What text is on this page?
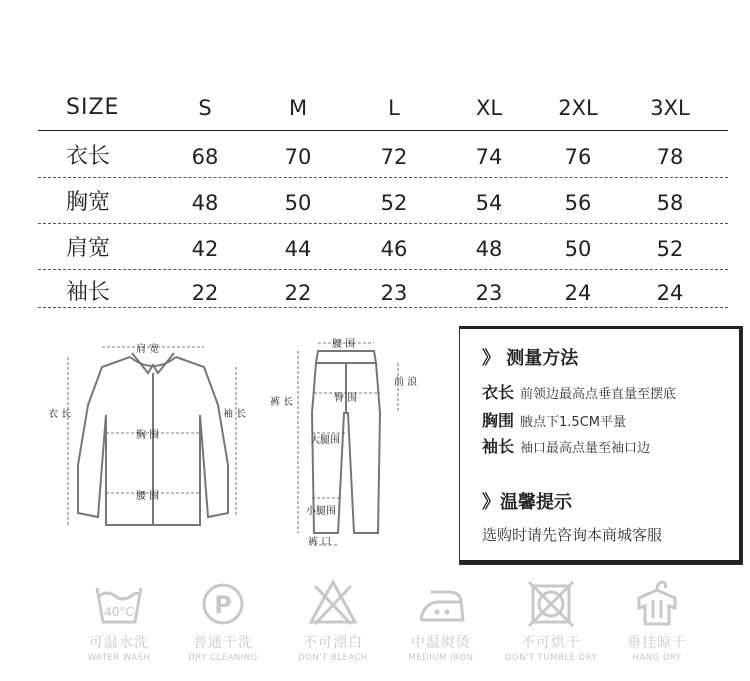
SIZE	S	M	L	XL	2XL	3XL
衣长	68	70	72	74	76	78
胸宽	48	50	52	54	56	58
肩宽	42	44	46	48	50	52
袖长	22	22	23	23	24	24
肩 宽
衣 长	袖 长
胸 围
腰 围
腰 围
前 浪
裤 长	臀 围
大腿围
小腿围
裤 口
》 测量方法
衣长 前领边最高点垂直量至摆底
胸围 腋点下1.5CM平量
袖长 袖口最高点量至袖口边
》温馨提示
选购时请先咨询本商城客服
40°C
可温水洗
WATER WASH
P
普通干洗
DRY CLEANING
不可漂白
DON'T BLEACH
中温熨烫
MEDIUM IRON
不可烘干
DON'T TUMBLE DRY
垂挂晾干
HANG DRY
